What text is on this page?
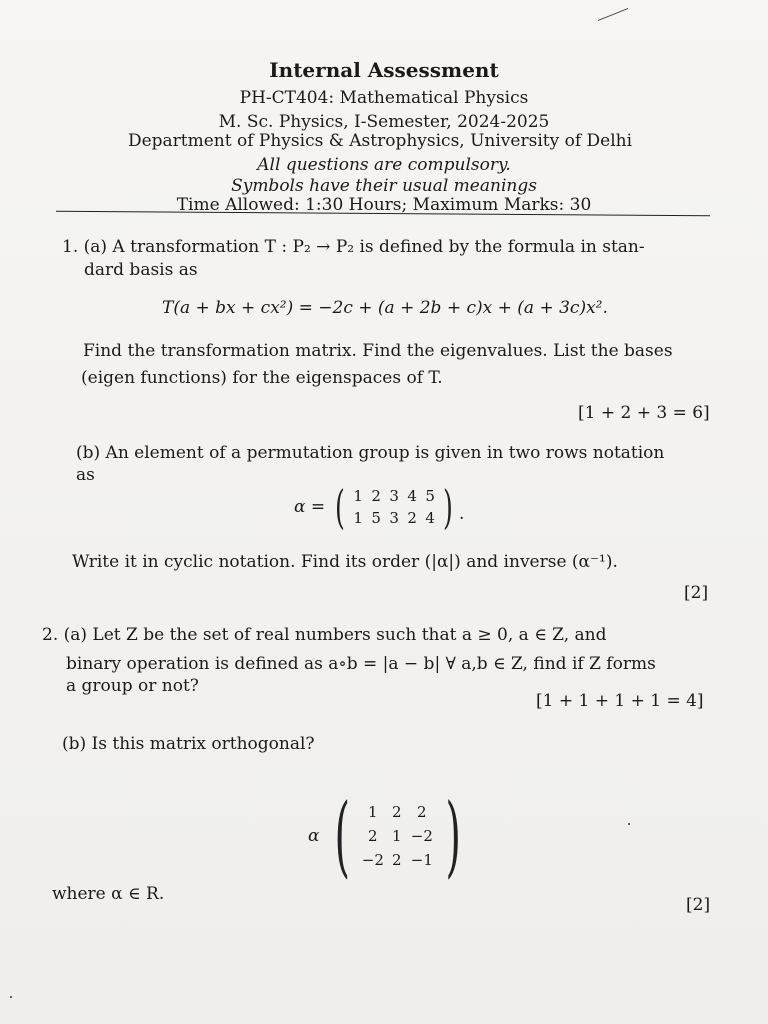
Internal Assessment
PH-CT404: Mathematical Physics
M. Sc. Physics, I-Semester, 2024-2025
Department of Physics & Astrophysics, University of Delhi
All questions are compulsory.
Symbols have their usual meanings
Time Allowed: 1:30 Hours; Maximum Marks: 30
1. (a) A transformation T : P₂ → P₂ is defined by the formula in stan-
dard basis as
T(a + bx + cx²) = −2c + (a + 2b + c)x + (a + 3c)x².
Find the transformation matrix. Find the eigenvalues. List the bases
(eigen functions) for the eigenspaces of T.
[1 + 2 + 3 = 6]
(b) An element of a permutation group is given in two rows notation
as
α = ( 1 2 3 4 5
1 5 3 2 4 ) .
Write it in cyclic notation. Find its order (|α|) and inverse (α⁻¹).
[2]
2. (a) Let Z be the set of real numbers such that a ≥ 0, a ∈ Z, and
binary operation is defined as a∘b = |a − b| ∀ a,b ∈ Z, find if Z forms
a group or not?
[1 + 1 + 1 + 1 = 4]
(b) Is this matrix orthogonal?
α (	1 2	2
2 1 −2
−2 2 −1 )
where α ∈ R.
[2]
